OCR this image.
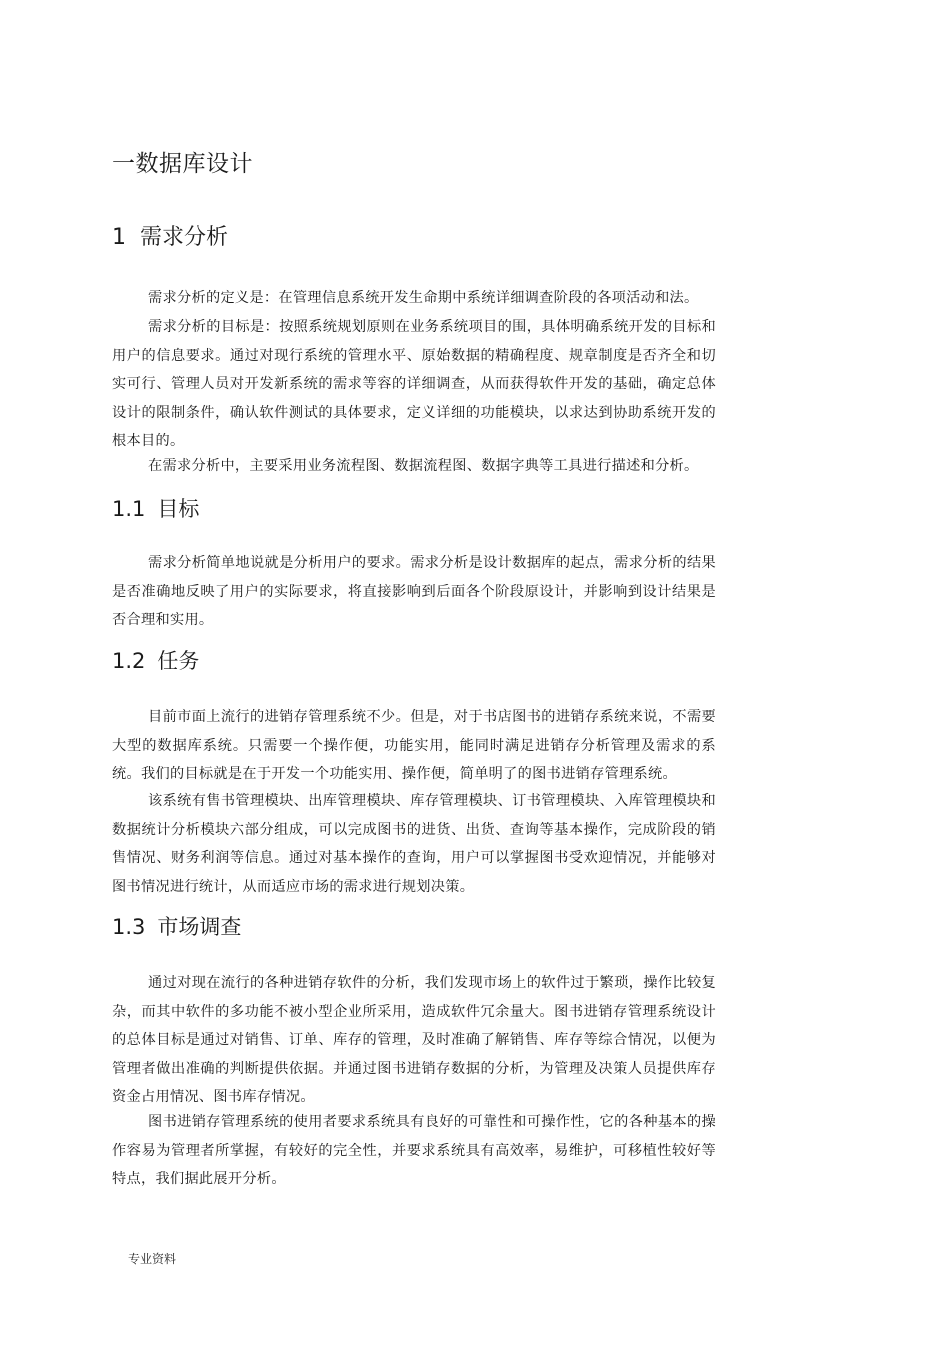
一数据库设计
1 需求分析

需求分析的定义是：在管理信息系统开发生命期中系统详细调查阶段的各项活动和法。

需求分析的目标是：按照系统规划原则在业务系统项目的围，具体明确系统开发的目标和用户的信息要求。通过对现行系统的管理水平、原始数据的精确程度、规章制度是否齐全和切实可行、管理人员对开发新系统的需求等容的详细调查，从而获得软件开发的基础，确定总体设计的限制条件，确认软件测试的具体要求，定义详细的功能模块，以求达到协助系统开发的根本目的。

在需求分析中，主要采用业务流程图、数据流程图、数据字典等工具进行描述和分析。

1.1 目标

需求分析简单地说就是分析用户的要求。需求分析是设计数据库的起点，需求分析的结果是否准确地反映了用户的实际要求，将直接影响到后面各个阶段原设计，并影响到设计结果是否合理和实用。

1.2 任务

目前市面上流行的进销存管理系统不少。但是，对于书店图书的进销存系统来说，不需要大型的数据库系统。只需要一个操作便，功能实用，能同时满足进销存分析管理及需求的系统。我们的目标就是在于开发一个功能实用、操作便，简单明了的图书进销存管理系统。

该系统有售书管理模块、出库管理模块、库存管理模块、订书管理模块、入库管理模块和数据统计分析模块六部分组成，可以完成图书的进货、出货、查询等基本操作，完成阶段的销售情况、财务利润等信息。通过对基本操作的查询，用户可以掌握图书受欢迎情况，并能够对图书情况进行统计，从而适应市场的需求进行规划决策。

1.3 市场调查

通过对现在流行的各种进销存软件的分析，我们发现市场上的软件过于繁琐，操作比较复杂，而其中软件的多功能不被小型企业所采用，造成软件冗余量大。图书进销存管理系统设计的总体目标是通过对销售、订单、库存的管理，及时准确了解销售、库存等综合情况，以便为管理者做出准确的判断提供依据。并通过图书进销存数据的分析，为管理及决策人员提供库存资金占用情况、图书库存情况。

图书进销存管理系统的使用者要求系统具有良好的可靠性和可操作性，它的各种基本的操作容易为管理者所掌握，有较好的完全性，并要求系统具有高效率，易维护，可移植性较好等特点，我们据此展开分析。

专业资料
